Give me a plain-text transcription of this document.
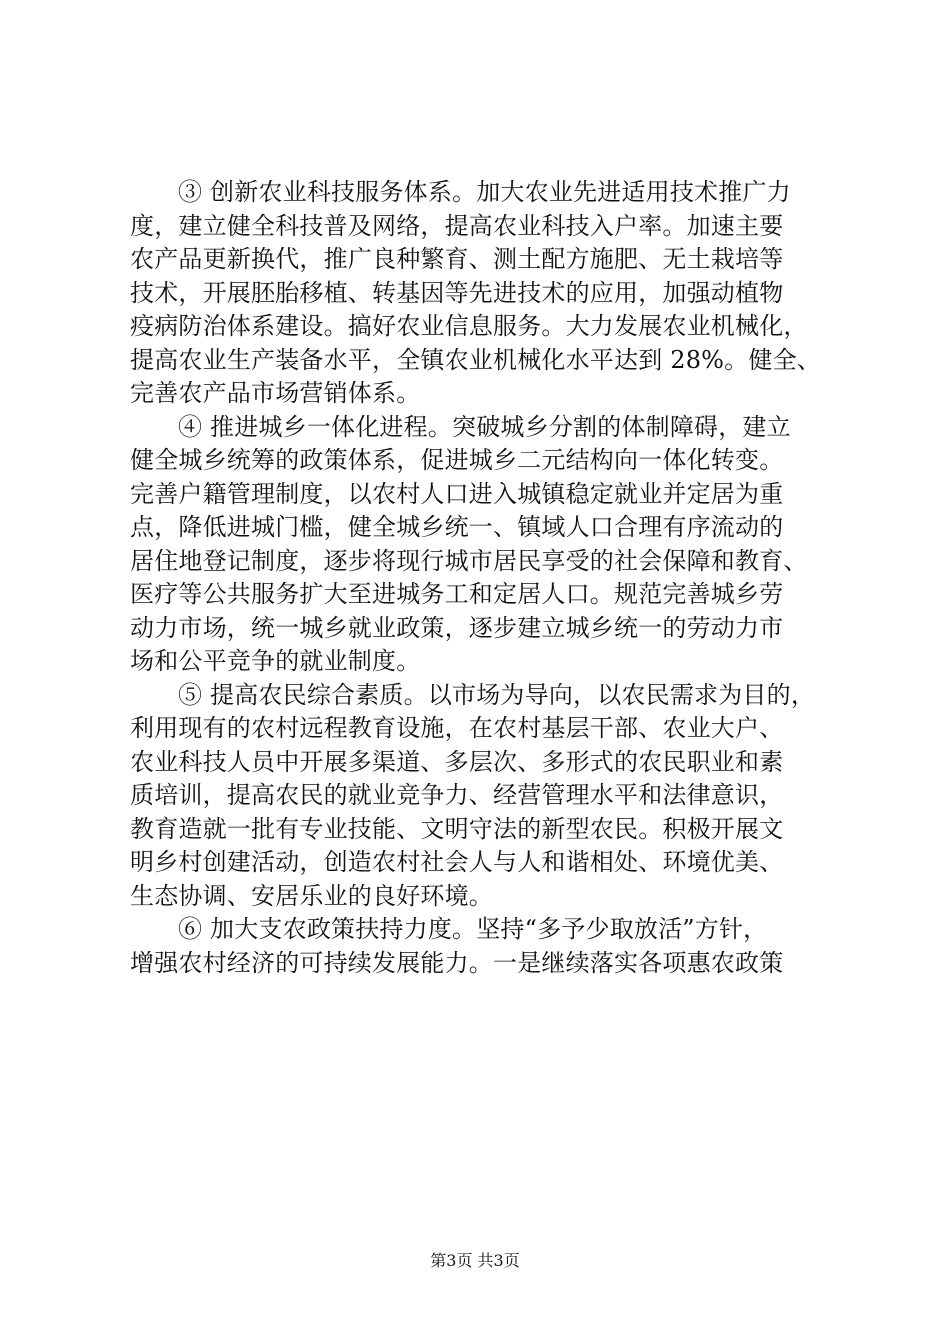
③ 创新农业科技服务体系。加大农业先进适用技术推广力
度，建立健全科技普及网络，提高农业科技入户率。加速主要
农产品更新换代，推广良种繁育、测土配方施肥、无土栽培等
技术，开展胚胎移植、转基因等先进技术的应用，加强动植物
疫病防治体系建设。搞好农业信息服务。大力发展农业机械化，
提高农业生产装备水平，全镇农业机械化水平达到 28%。健全、
完善农产品市场营销体系。
④ 推进城乡一体化进程。突破城乡分割的体制障碍，建立
健全城乡统筹的政策体系，促进城乡二元结构向一体化转变。
完善户籍管理制度，以农村人口进入城镇稳定就业并定居为重
点，降低进城门槛，健全城乡统一、镇域人口合理有序流动的
居住地登记制度，逐步将现行城市居民享受的社会保障和教育、
医疗等公共服务扩大至进城务工和定居人口。规范完善城乡劳
动力市场，统一城乡就业政策，逐步建立城乡统一的劳动力市
场和公平竞争的就业制度。
⑤ 提高农民综合素质。以市场为导向，以农民需求为目的，
利用现有的农村远程教育设施，在农村基层干部、农业大户、
农业科技人员中开展多渠道、多层次、多形式的农民职业和素
质培训，提高农民的就业竞争力、经营管理水平和法律意识，
教育造就一批有专业技能、文明守法的新型农民。积极开展文
明乡村创建活动，创造农村社会人与人和谐相处、环境优美、
生态协调、安居乐业的良好环境。
⑥ 加大支农政策扶持力度。坚持“多予少取放活”方针，
增强农村经济的可持续发展能力。一是继续落实各项惠农政策
第3页 共3页
